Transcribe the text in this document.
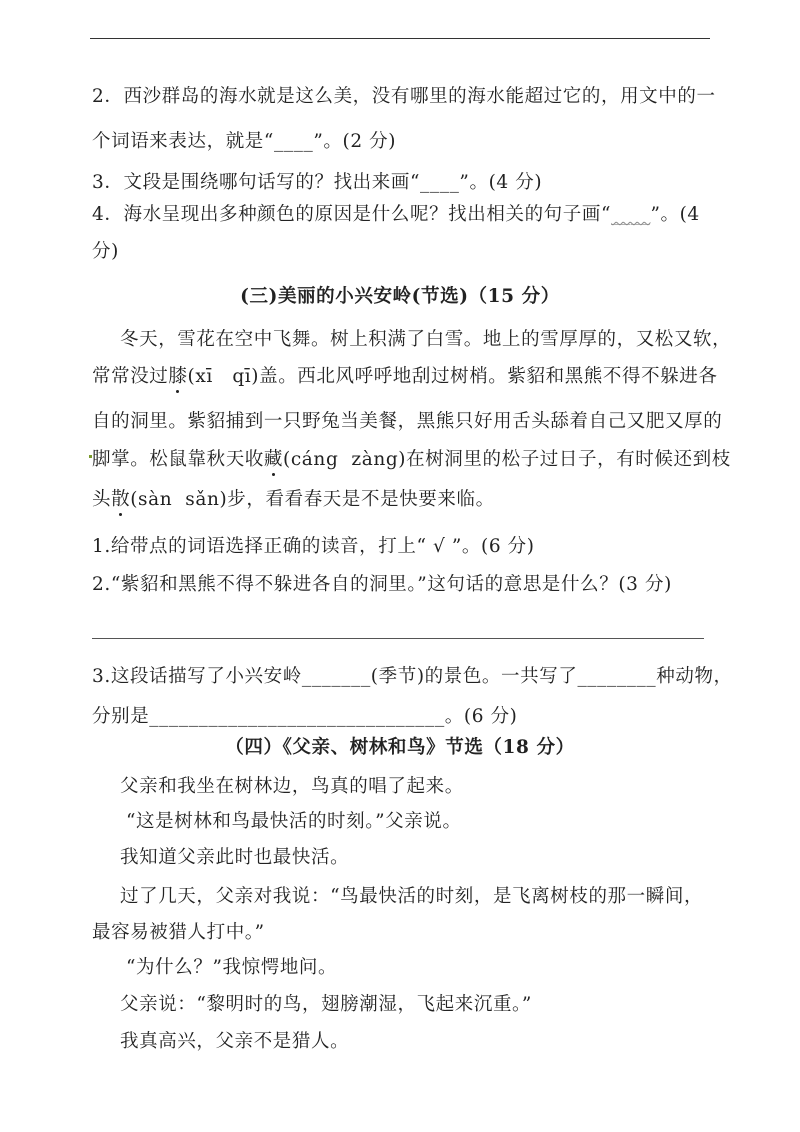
2．西沙群岛的海水就是这么美，没有哪里的海水能超过它的，用文中的一
个词语来表达，就是“____”。(2 分)
3．文段是围绕哪句话写的？找出来画“____”。(4 分)
4．海水呈现出多种颜色的原因是什么呢？找出相关的句子画“____”。(4
分)
(三)美丽的小兴安岭(节选)（15 分）
冬天，雪花在空中飞舞。树上积满了白雪。地上的雪厚厚的，又松又软，
常常没过膝(xī   qī)盖。西北风呼呼地刮过树梢。紫貂和黑熊不得不躲进各
自的洞里。紫貂捕到一只野兔当美餐，黑熊只好用舌头舔着自己又肥又厚的
脚掌。松鼠靠秋天收藏(cáng  zàng)在树洞里的松子过日子，有时候还到枝
头散(sàn  sǎn)步，看看春天是不是快要来临。
1.给带点的词语选择正确的读音，打上“ √ ”。(6 分)
2.“紫貂和黑熊不得不躲进各自的洞里。”这句话的意思是什么？(3 分)
3.这段话描写了小兴安岭_______(季节)的景色。一共写了________种动物，
分别是______________________________。(6 分)
（四）《父亲、树林和鸟》节选（18 分）
父亲和我坐在树林边，鸟真的唱了起来。
“这是树林和鸟最快活的时刻。”父亲说。
我知道父亲此时也最快活。
过了几天，父亲对我说：“鸟最快活的时刻，是飞离树枝的那一瞬间，
最容易被猎人打中。”
“为什么？”我惊愕地问。
父亲说：“黎明时的鸟，翅膀潮湿，飞起来沉重。”
我真高兴，父亲不是猎人。
